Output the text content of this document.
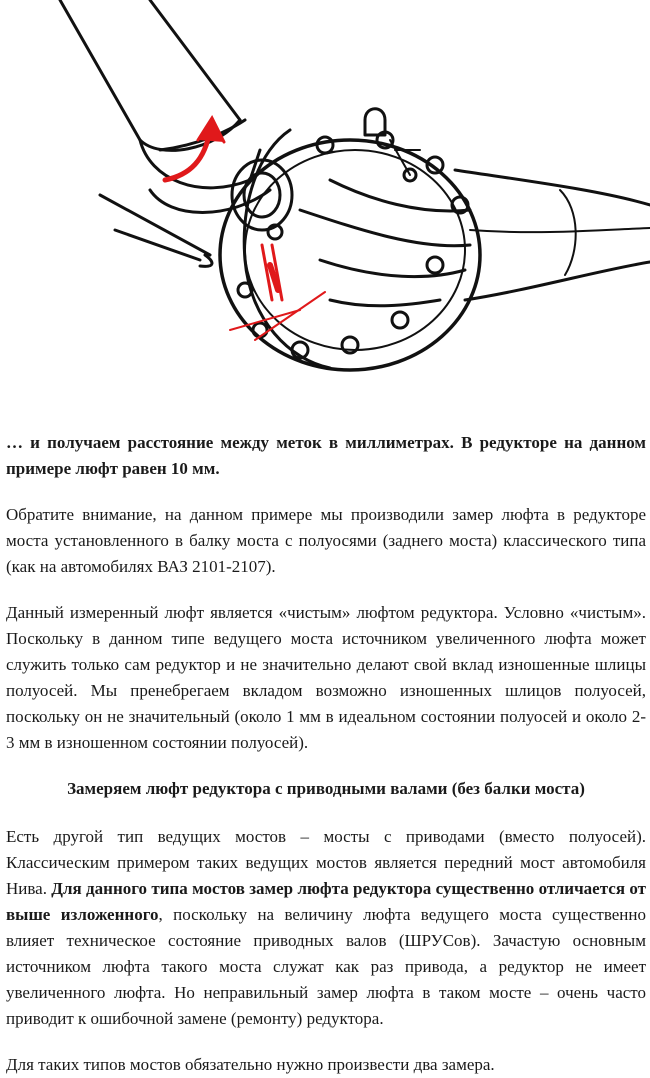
… и получаем расстояние между меток в миллиметрах. В редукторе на данном примере люфт равен 10 мм.

Обратите внимание, на данном примере мы производили замер люфта в редукторе моста установленного в балку моста с полуосями (заднего моста) классического типа (как на автомобилях ВАЗ 2101-2107).

Данный измеренный люфт является «чистым» люфтом редуктора. Условно «чистым». Поскольку в данном типе ведущего моста источником увеличенного люфта может служить только сам редуктор и не значительно делают свой вклад изношенные шлицы полуосей. Мы пренебрегаем вкладом возможно изношенных шлицов полуосей, поскольку он не значительный (около 1 мм в идеальном состоянии полуосей и около 2-3 мм в изношенном состоянии полуосей).

Замеряем люфт редуктора с приводными валами (без балки моста)

Есть другой тип ведущих мостов – мосты с приводами (вместо полуосей). Классическим примером таких ведущих мостов является передний мост автомобиля Нива. Для данного типа мостов замер люфта редуктора существенно отличается от выше изложенного, поскольку на величину люфта ведущего моста существенно влияет техническое состояние приводных валов (ШРУСов). Зачастую основным источником люфта такого моста служат как раз привода, а редуктор не имеет увеличенного люфта. Но неправильный замер люфта в таком мосте – очень часто приводит к ошибочной замене (ремонту) редуктора.

Для таких типов мостов обязательно нужно произвести два замера.
